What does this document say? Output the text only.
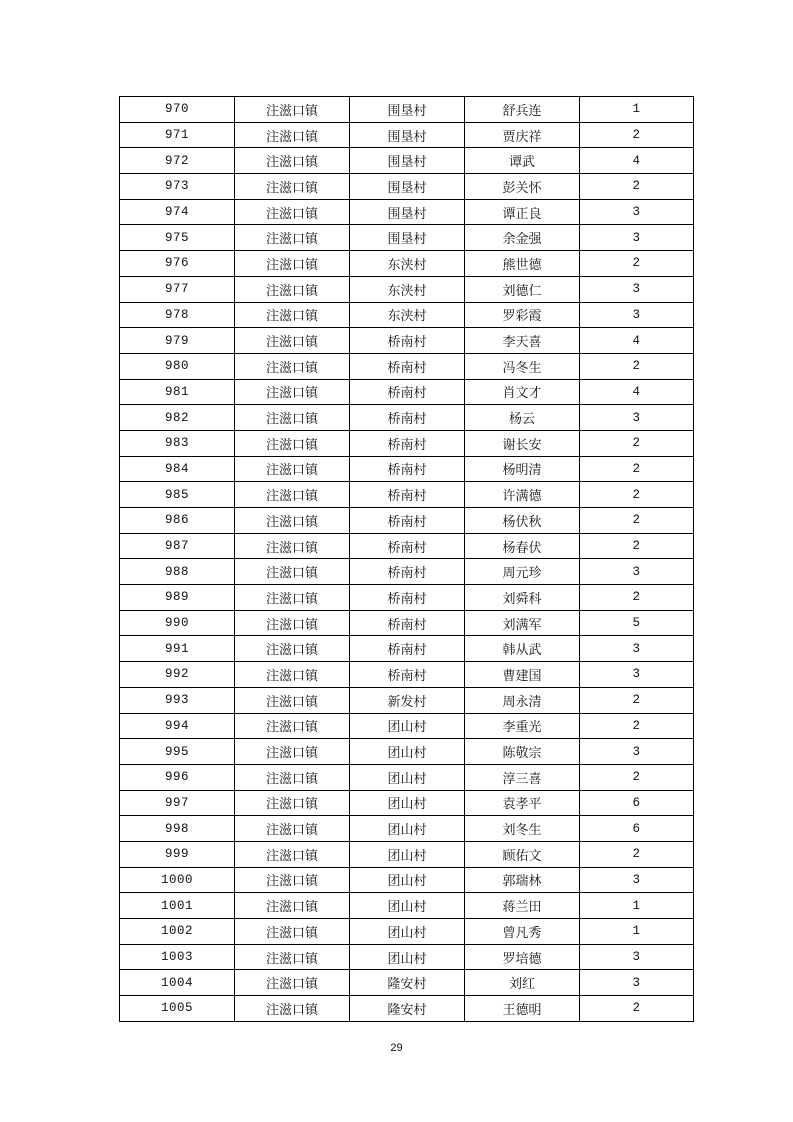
970	注滋口镇	围垦村	舒兵连	1
971	注滋口镇	围垦村	贾庆祥	2
972	注滋口镇	围垦村	谭武	4
973	注滋口镇	围垦村	彭关怀	2
974	注滋口镇	围垦村	谭正良	3
975	注滋口镇	围垦村	余金强	3
976	注滋口镇	东浃村	熊世德	2
977	注滋口镇	东浃村	刘德仁	3
978	注滋口镇	东浃村	罗彩霞	3
979	注滋口镇	桥南村	李天喜	4
980	注滋口镇	桥南村	冯冬生	2
981	注滋口镇	桥南村	肖文才	4
982	注滋口镇	桥南村	杨云	3
983	注滋口镇	桥南村	谢长安	2
984	注滋口镇	桥南村	杨明清	2
985	注滋口镇	桥南村	许满德	2
986	注滋口镇	桥南村	杨伏秋	2
987	注滋口镇	桥南村	杨春伏	2
988	注滋口镇	桥南村	周元珍	3
989	注滋口镇	桥南村	刘舜科	2
990	注滋口镇	桥南村	刘满军	5
991	注滋口镇	桥南村	韩从武	3
992	注滋口镇	桥南村	曹建国	3
993	注滋口镇	新发村	周永清	2
994	注滋口镇	团山村	李重光	2
995	注滋口镇	团山村	陈敬宗	3
996	注滋口镇	团山村	淳三喜	2
997	注滋口镇	团山村	袁孝平	6
998	注滋口镇	团山村	刘冬生	6
999	注滋口镇	团山村	顾佑文	2
1000	注滋口镇	团山村	郭瑞林	3
1001	注滋口镇	团山村	蒋兰田	1
1002	注滋口镇	团山村	曾凡秀	1
1003	注滋口镇	团山村	罗培德	3
1004	注滋口镇	隆安村	刘红	3
1005	注滋口镇	隆安村	王德明	2
29
